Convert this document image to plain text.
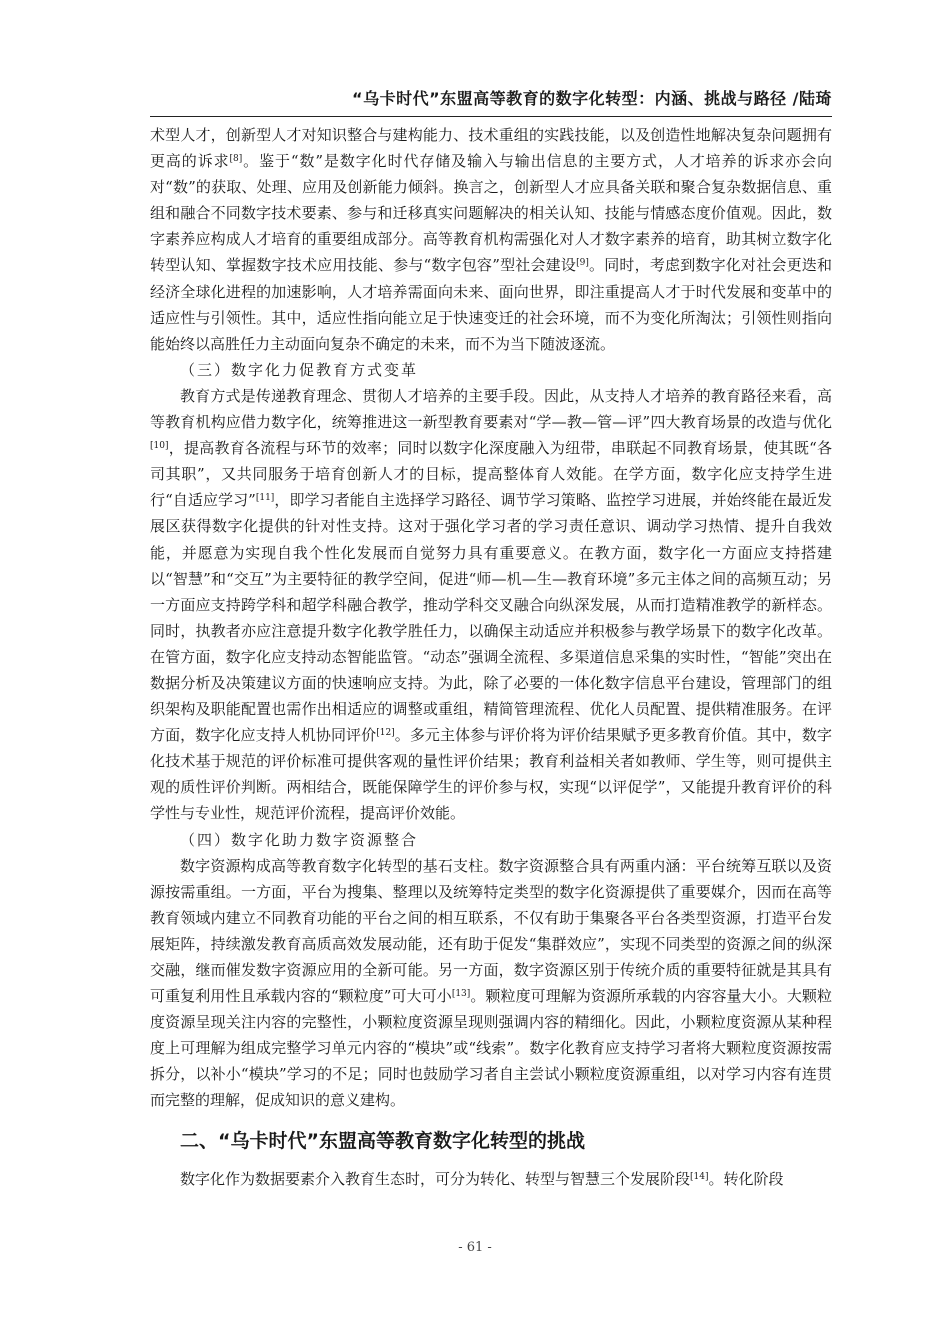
“乌卡时代”东盟高等教育的数字化转型：内涵、挑战与路径 /陆琦

术型人才，创新型人才对知识整合与建构能力、技术重组的实践技能，以及创造性地解决复杂问题拥有更高的诉求[8]。鉴于“数”是数字化时代存储及输入与输出信息的主要方式，人才培养的诉求亦会向对“数”的获取、处理、应用及创新能力倾斜。换言之，创新型人才应具备关联和聚合复杂数据信息、重组和融合不同数字技术要素、参与和迁移真实问题解决的相关认知、技能与情感态度价值观。因此，数字素养应构成人才培育的重要组成部分。高等教育机构需强化对人才数字素养的培育，助其树立数字化转型认知、掌握数字技术应用技能、参与“数字包容”型社会建设[9]。同时，考虑到数字化对社会更迭和经济全球化进程的加速影响，人才培养需面向未来、面向世界，即注重提高人才于时代发展和变革中的适应性与引领性。其中，适应性指向能立足于快速变迁的社会环境，而不为变化所淘汰；引领性则指向能始终以高胜任力主动面向复杂不确定的未来，而不为当下随波逐流。

（三）数字化力促教育方式变革

教育方式是传递教育理念、贯彻人才培养的主要手段。因此，从支持人才培养的教育路径来看，高等教育机构应借力数字化，统筹推进这一新型教育要素对“学—教—管—评”四大教育场景的改造与优化[10]，提高教育各流程与环节的效率；同时以数字化深度融入为纽带，串联起不同教育场景，使其既“各司其职”，又共同服务于培育创新人才的目标，提高整体育人效能。在学方面，数字化应支持学生进行“自适应学习”[11]，即学习者能自主选择学习路径、调节学习策略、监控学习进展，并始终能在最近发展区获得数字化提供的针对性支持。这对于强化学习者的学习责任意识、调动学习热情、提升自我效能，并愿意为实现自我个性化发展而自觉努力具有重要意义。在教方面，数字化一方面应支持搭建以“智慧”和“交互”为主要特征的教学空间，促进“师—机—生—教育环境”多元主体之间的高频互动；另一方面应支持跨学科和超学科融合教学，推动学科交叉融合向纵深发展，从而打造精准教学的新样态。同时，执教者亦应注意提升数字化教学胜任力，以确保主动适应并积极参与教学场景下的数字化改革。在管方面，数字化应支持动态智能监管。“动态”强调全流程、多渠道信息采集的实时性，“智能”突出在数据分析及决策建议方面的快速响应支持。为此，除了必要的一体化数字信息平台建设，管理部门的组织架构及职能配置也需作出相适应的调整或重组，精简管理流程、优化人员配置、提供精准服务。在评方面，数字化应支持人机协同评价[12]。多元主体参与评价将为评价结果赋予更多教育价值。其中，数字化技术基于规范的评价标准可提供客观的量性评价结果；教育利益相关者如教师、学生等，则可提供主观的质性评价判断。两相结合，既能保障学生的评价参与权，实现“以评促学”，又能提升教育评价的科学性与专业性，规范评价流程，提高评价效能。

（四）数字化助力数字资源整合

数字资源构成高等教育数字化转型的基石支柱。数字资源整合具有两重内涵：平台统筹互联以及资源按需重组。一方面，平台为搜集、整理以及统筹特定类型的数字化资源提供了重要媒介，因而在高等教育领域内建立不同教育功能的平台之间的相互联系，不仅有助于集聚各平台各类型资源，打造平台发展矩阵，持续激发教育高质高效发展动能，还有助于促发“集群效应”，实现不同类型的资源之间的纵深交融，继而催发数字资源应用的全新可能。另一方面，数字资源区别于传统介质的重要特征就是其具有可重复利用性且承载内容的“颗粒度”可大可小[13]。颗粒度可理解为资源所承载的内容容量大小。大颗粒度资源呈现关注内容的完整性，小颗粒度资源呈现则强调内容的精细化。因此，小颗粒度资源从某种程度上可理解为组成完整学习单元内容的“模块”或“线索”。数字化教育应支持学习者将大颗粒度资源按需拆分，以补小“模块”学习的不足；同时也鼓励学习者自主尝试小颗粒度资源重组，以对学习内容有连贯而完整的理解，促成知识的意义建构。

二、“乌卡时代”东盟高等教育数字化转型的挑战

数字化作为数据要素介入教育生态时，可分为转化、转型与智慧三个发展阶段[14]。转化阶段

- 61 -
